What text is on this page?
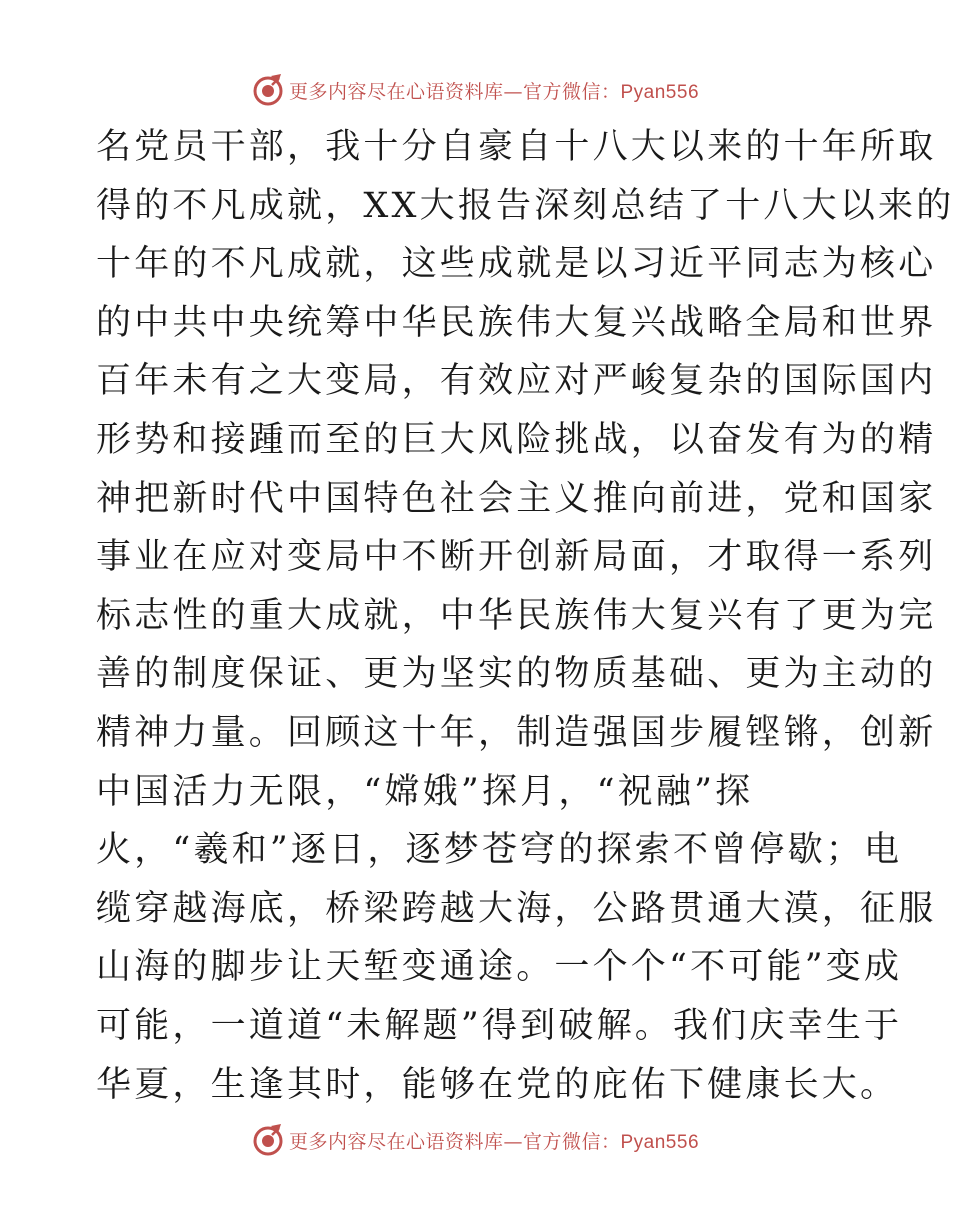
更多内容尽在心语资料库—官方微信：Pyan556
名党员干部，我十分自豪自十八大以来的十年所取
得的不凡成就，XX大报告深刻总结了十八大以来的
十年的不凡成就，这些成就是以习近平同志为核心
的中共中央统筹中华民族伟大复兴战略全局和世界
百年未有之大变局，有效应对严峻复杂的国际国内
形势和接踵而至的巨大风险挑战，以奋发有为的精
神把新时代中国特色社会主义推向前进，党和国家
事业在应对变局中不断开创新局面，才取得一系列
标志性的重大成就，中华民族伟大复兴有了更为完
善的制度保证、更为坚实的物质基础、更为主动的
精神力量。回顾这十年，制造强国步履铿锵，创新
中国活力无限，“嫦娥”探月，“祝融”探
火，“羲和”逐日，逐梦苍穹的探索不曾停歇；电
缆穿越海底，桥梁跨越大海，公路贯通大漠，征服
山海的脚步让天堑变通途。一个个“不可能”变成
可能，一道道“未解题”得到破解。我们庆幸生于
华夏，生逢其时，能够在党的庇佑下健康长大。
更多内容尽在心语资料库—官方微信：Pyan556
